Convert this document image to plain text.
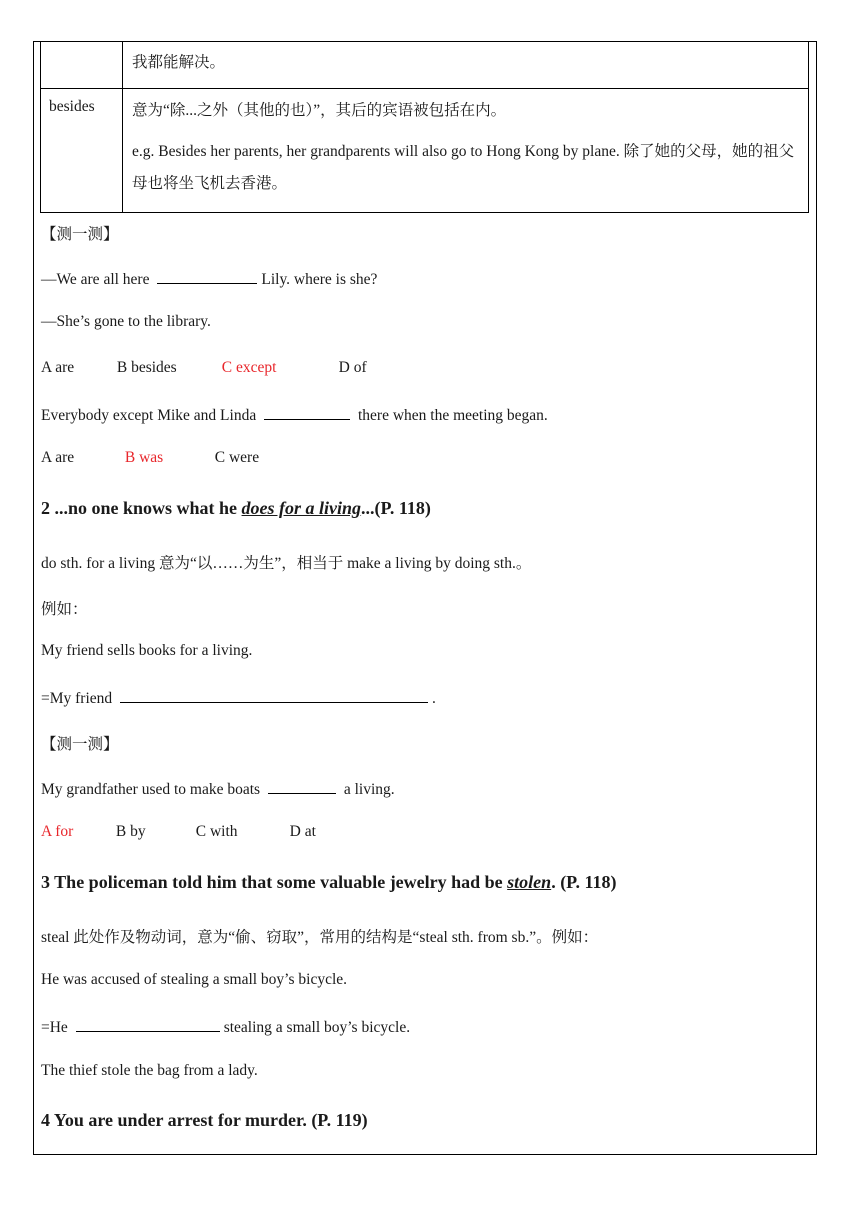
	我都能解决。

besides	意为“除...之外（其他的也）”，其后的宾语被包括在内。
e.g. Besides her parents, her grandparents will also go to Hong Kong by plane. 除了她的父母，她的祖父母也将坐飞机去香港。
【测一测】
—We are all here	Lily. where is she?
—She’s gone to the library.
A are	B besides	C except	D of
Everybody except Mike and Linda	there when the meeting began.
A are	B was	C were
2 ...no one knows what he does for a living...(P. 118)
do sth. for a living 意为“以……为生”，相当于 make a living by doing sth.。
例如：
My friend sells books for a living.
=My friend	.
【测一测】
My grandfather used to make boats	a living.
A for	B by	C with	D at
3 The policeman told him that some valuable jewelry had be stolen. (P. 118)
steal 此处作及物动词，意为“偷、窃取”，常用的结构是“steal sth. from sb.”。例如：
He was accused of stealing a small boy’s bicycle.
=He	stealing a small boy’s bicycle.
The thief stole the bag from a lady.
4 You are under arrest for murder. (P. 119)
